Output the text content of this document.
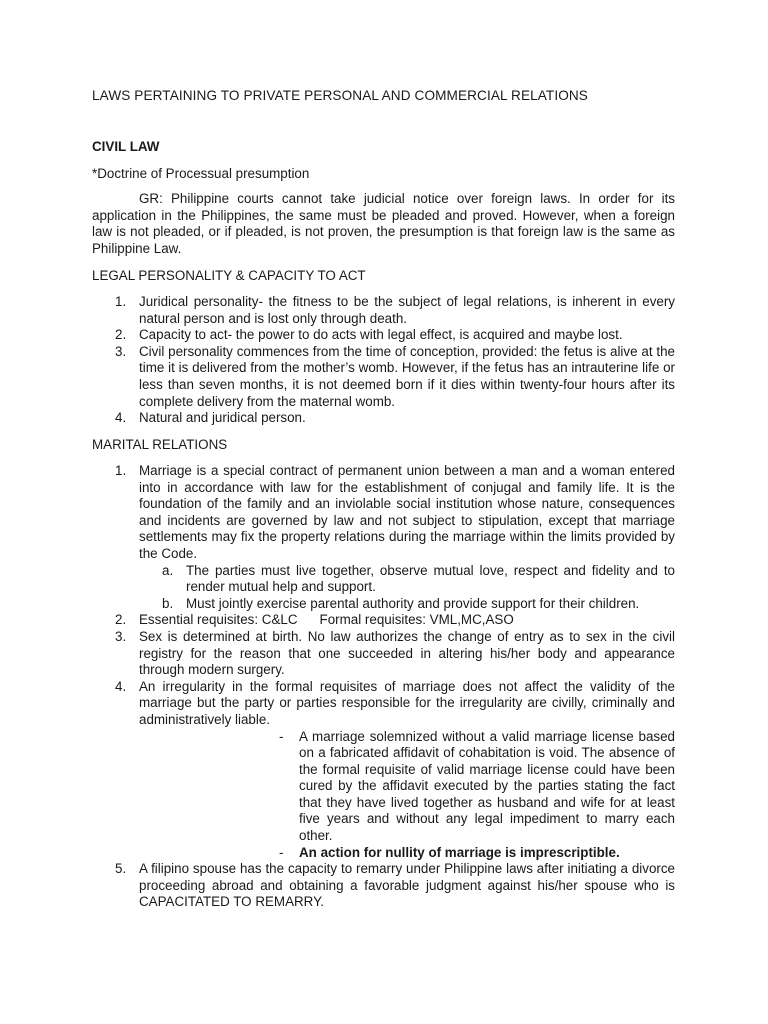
LAWS PERTAINING TO PRIVATE PERSONAL AND COMMERCIAL RELATIONS
CIVIL LAW
*Doctrine of Processual presumption
GR: Philippine courts cannot take judicial notice over foreign laws. In order for its application in the Philippines, the same must be pleaded and proved. However, when a foreign law is not pleaded, or if pleaded, is not proven, the presumption is that foreign law is the same as Philippine Law.
LEGAL PERSONALITY & CAPACITY TO ACT
1. Juridical personality- the fitness to be the subject of legal relations, is inherent in every natural person and is lost only through death.
2. Capacity to act- the power to do acts with legal effect, is acquired and maybe lost.
3. Civil personality commences from the time of conception, provided: the fetus is alive at the time it is delivered from the mother’s womb. However, if the fetus has an intrauterine life or less than seven months, it is not deemed born if it dies within twenty-four hours after its complete delivery from the maternal womb.
4. Natural and juridical person.
MARITAL RELATIONS
1. Marriage is a special contract of permanent union between a man and a woman entered into in accordance with law for the establishment of conjugal and family life. It is the foundation of the family and an inviolable social institution whose nature, consequences and incidents are governed by law and not subject to stipulation, except that marriage settlements may fix the property relations during the marriage within the limits provided by the Code.
a. The parties must live together, observe mutual love, respect and fidelity and to render mutual help and support.
b. Must jointly exercise parental authority and provide support for their children.
2. Essential requisites: C&LC Formal requisites: VML,MC,ASO
3. Sex is determined at birth. No law authorizes the change of entry as to sex in the civil registry for the reason that one succeeded in altering his/her body and appearance through modern surgery.
4. An irregularity in the formal requisites of marriage does not affect the validity of the marriage but the party or parties responsible for the irregularity are civilly, criminally and administratively liable.
- A marriage solemnized without a valid marriage license based on a fabricated affidavit of cohabitation is void. The absence of the formal requisite of valid marriage license could have been cured by the affidavit executed by the parties stating the fact that they have lived together as husband and wife for at least five years and without any legal impediment to marry each other.
- An action for nullity of marriage is imprescriptible.
5. A filipino spouse has the capacity to remarry under Philippine laws after initiating a divorce proceeding abroad and obtaining a favorable judgment against his/her spouse who is CAPACITATED TO REMARRY.
